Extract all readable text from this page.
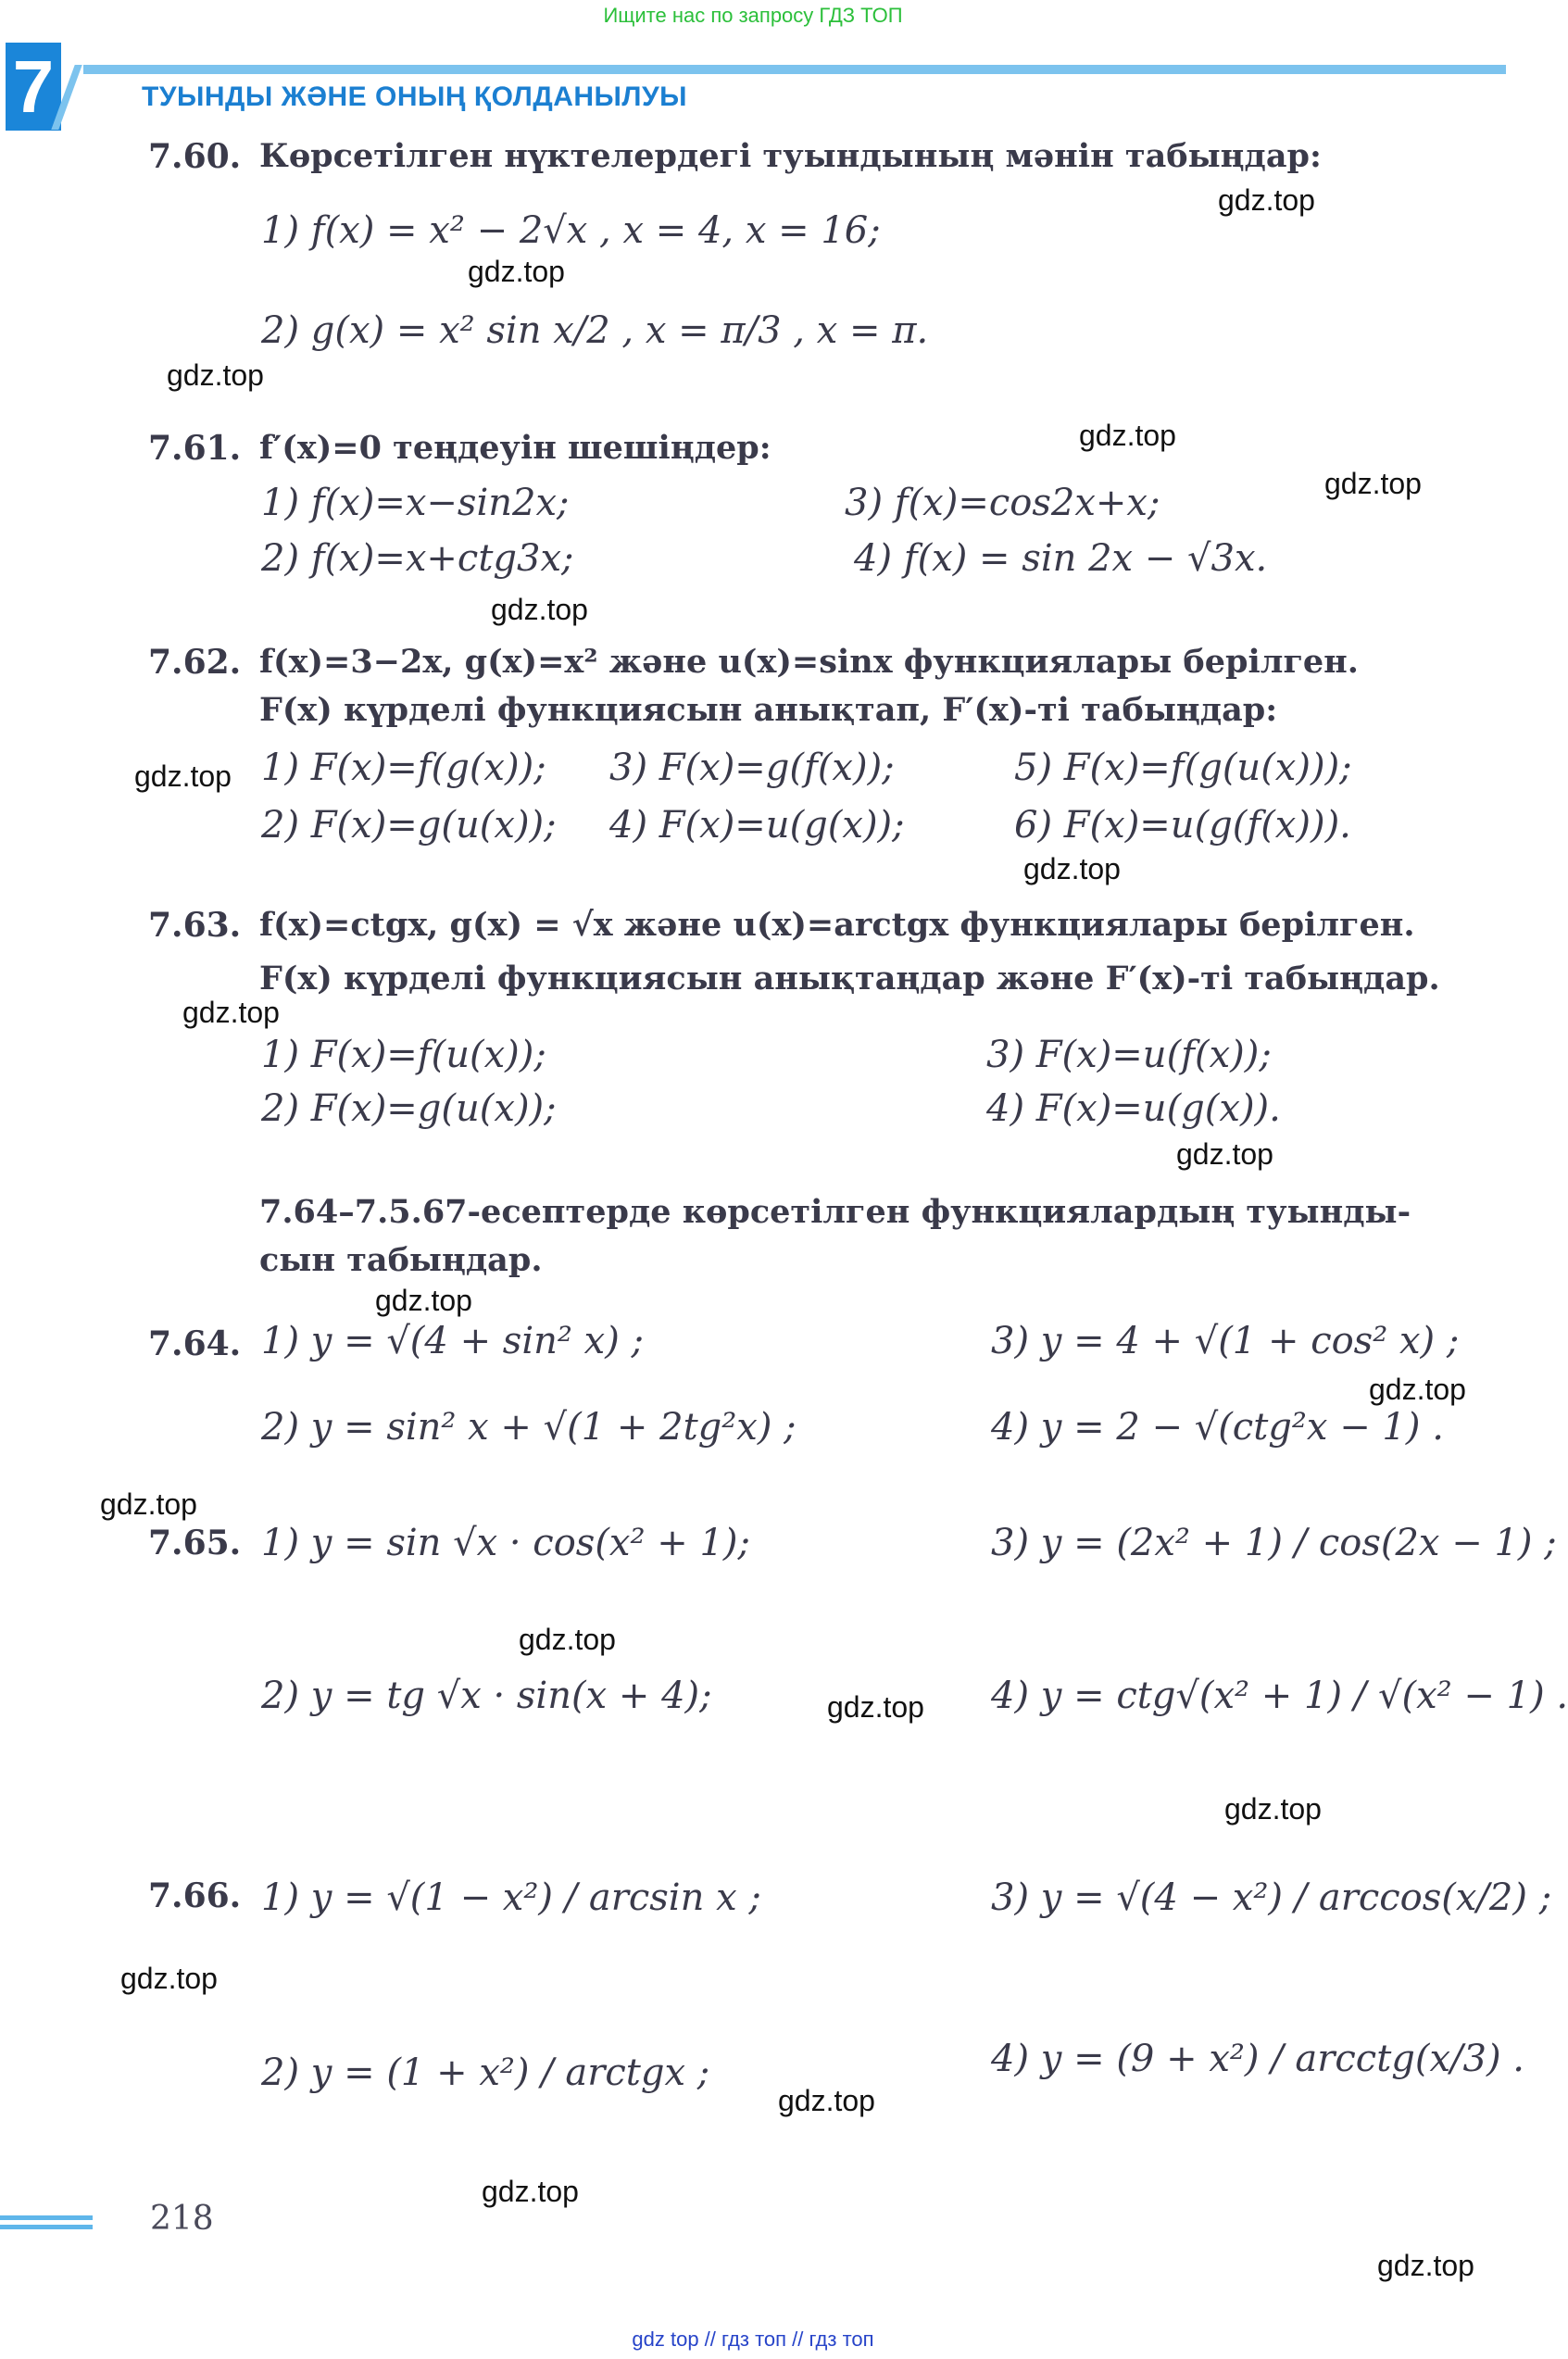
Ищите нас по запросу ГДЗ ТОП
7	ТУЫНДЫ ЖӘНЕ ОНЫҢ ҚОЛДАНЫЛУЫ
7.60. Көрсетілген нүктелердегі туындының мәнін табыңдар:
1) f(x) = x² − 2√x , x = 4, x = 16;
2) g(x) = x² sin x/2 , x = π/3 , x = π.
7.61. f′(x)=0 теңдеуін шешіңдер:
1) f(x)=x−sin2x;
2) f(x)=x+ctg3x;
3) f(x)=cos2x+x;
4) f(x) = sin 2x − √3x.
7.62. f(x)=3−2x, g(x)=x² және u(x)=sinx функциялары берілген.
F(x) күрделі функциясын анықтап, F′(x)-ті табыңдар:
1) F(x)=f(g(x));
2) F(x)=g(u(x));
3) F(x)=g(f(x));
4) F(x)=u(g(x));
5) F(x)=f(g(u(x)));
6) F(x)=u(g(f(x))).
7.63. f(x)=ctgx, g(x) = √x және u(x)=arctgx функциялары берілген.
F(x) күрделі функциясын анықтаңдар және F′(x)-ті табыңдар.
1) F(x)=f(u(x));
2) F(x)=g(u(x));
3) F(x)=u(f(x));
4) F(x)=u(g(x)).
7.64–7.5.67-есептерде көрсетілген функциялардың туынды-
сын табыңдар.
7.64. 1) y = √(4 + sin² x) ;
2) y = sin² x + √(1 + 2tg²x) ;
3) y = 4 + √(1 + cos² x) ;
4) y = 2 − √(ctg²x − 1) .
7.65. 1) y = sin √x · cos(x² + 1);
2) y = tg √x · sin(x + 4);
3) y = (2x² + 1) / cos(2x − 1) ;
4) y = ctg√(x² + 1) / √(x² − 1) .
7.66. 1) y = √(1 − x²) / arcsin x ;
2) y = (1 + x²) / arctgx ;
3) y = √(4 − x²) / arccos(x/2) ;
4) y = (9 + x²) / arcctg(x/3) .
gdz.top
gdz.top
gdz.top
gdz.top
gdz.top
gdz.top
gdz.top
gdz.top
gdz.top
gdz.top
gdz.top
gdz.top
gdz.top
gdz.top
gdz.top
gdz.top
gdz.top
gdz.top
gdz.top
gdz.top
218
gdz top // гдз топ // гдз топ
